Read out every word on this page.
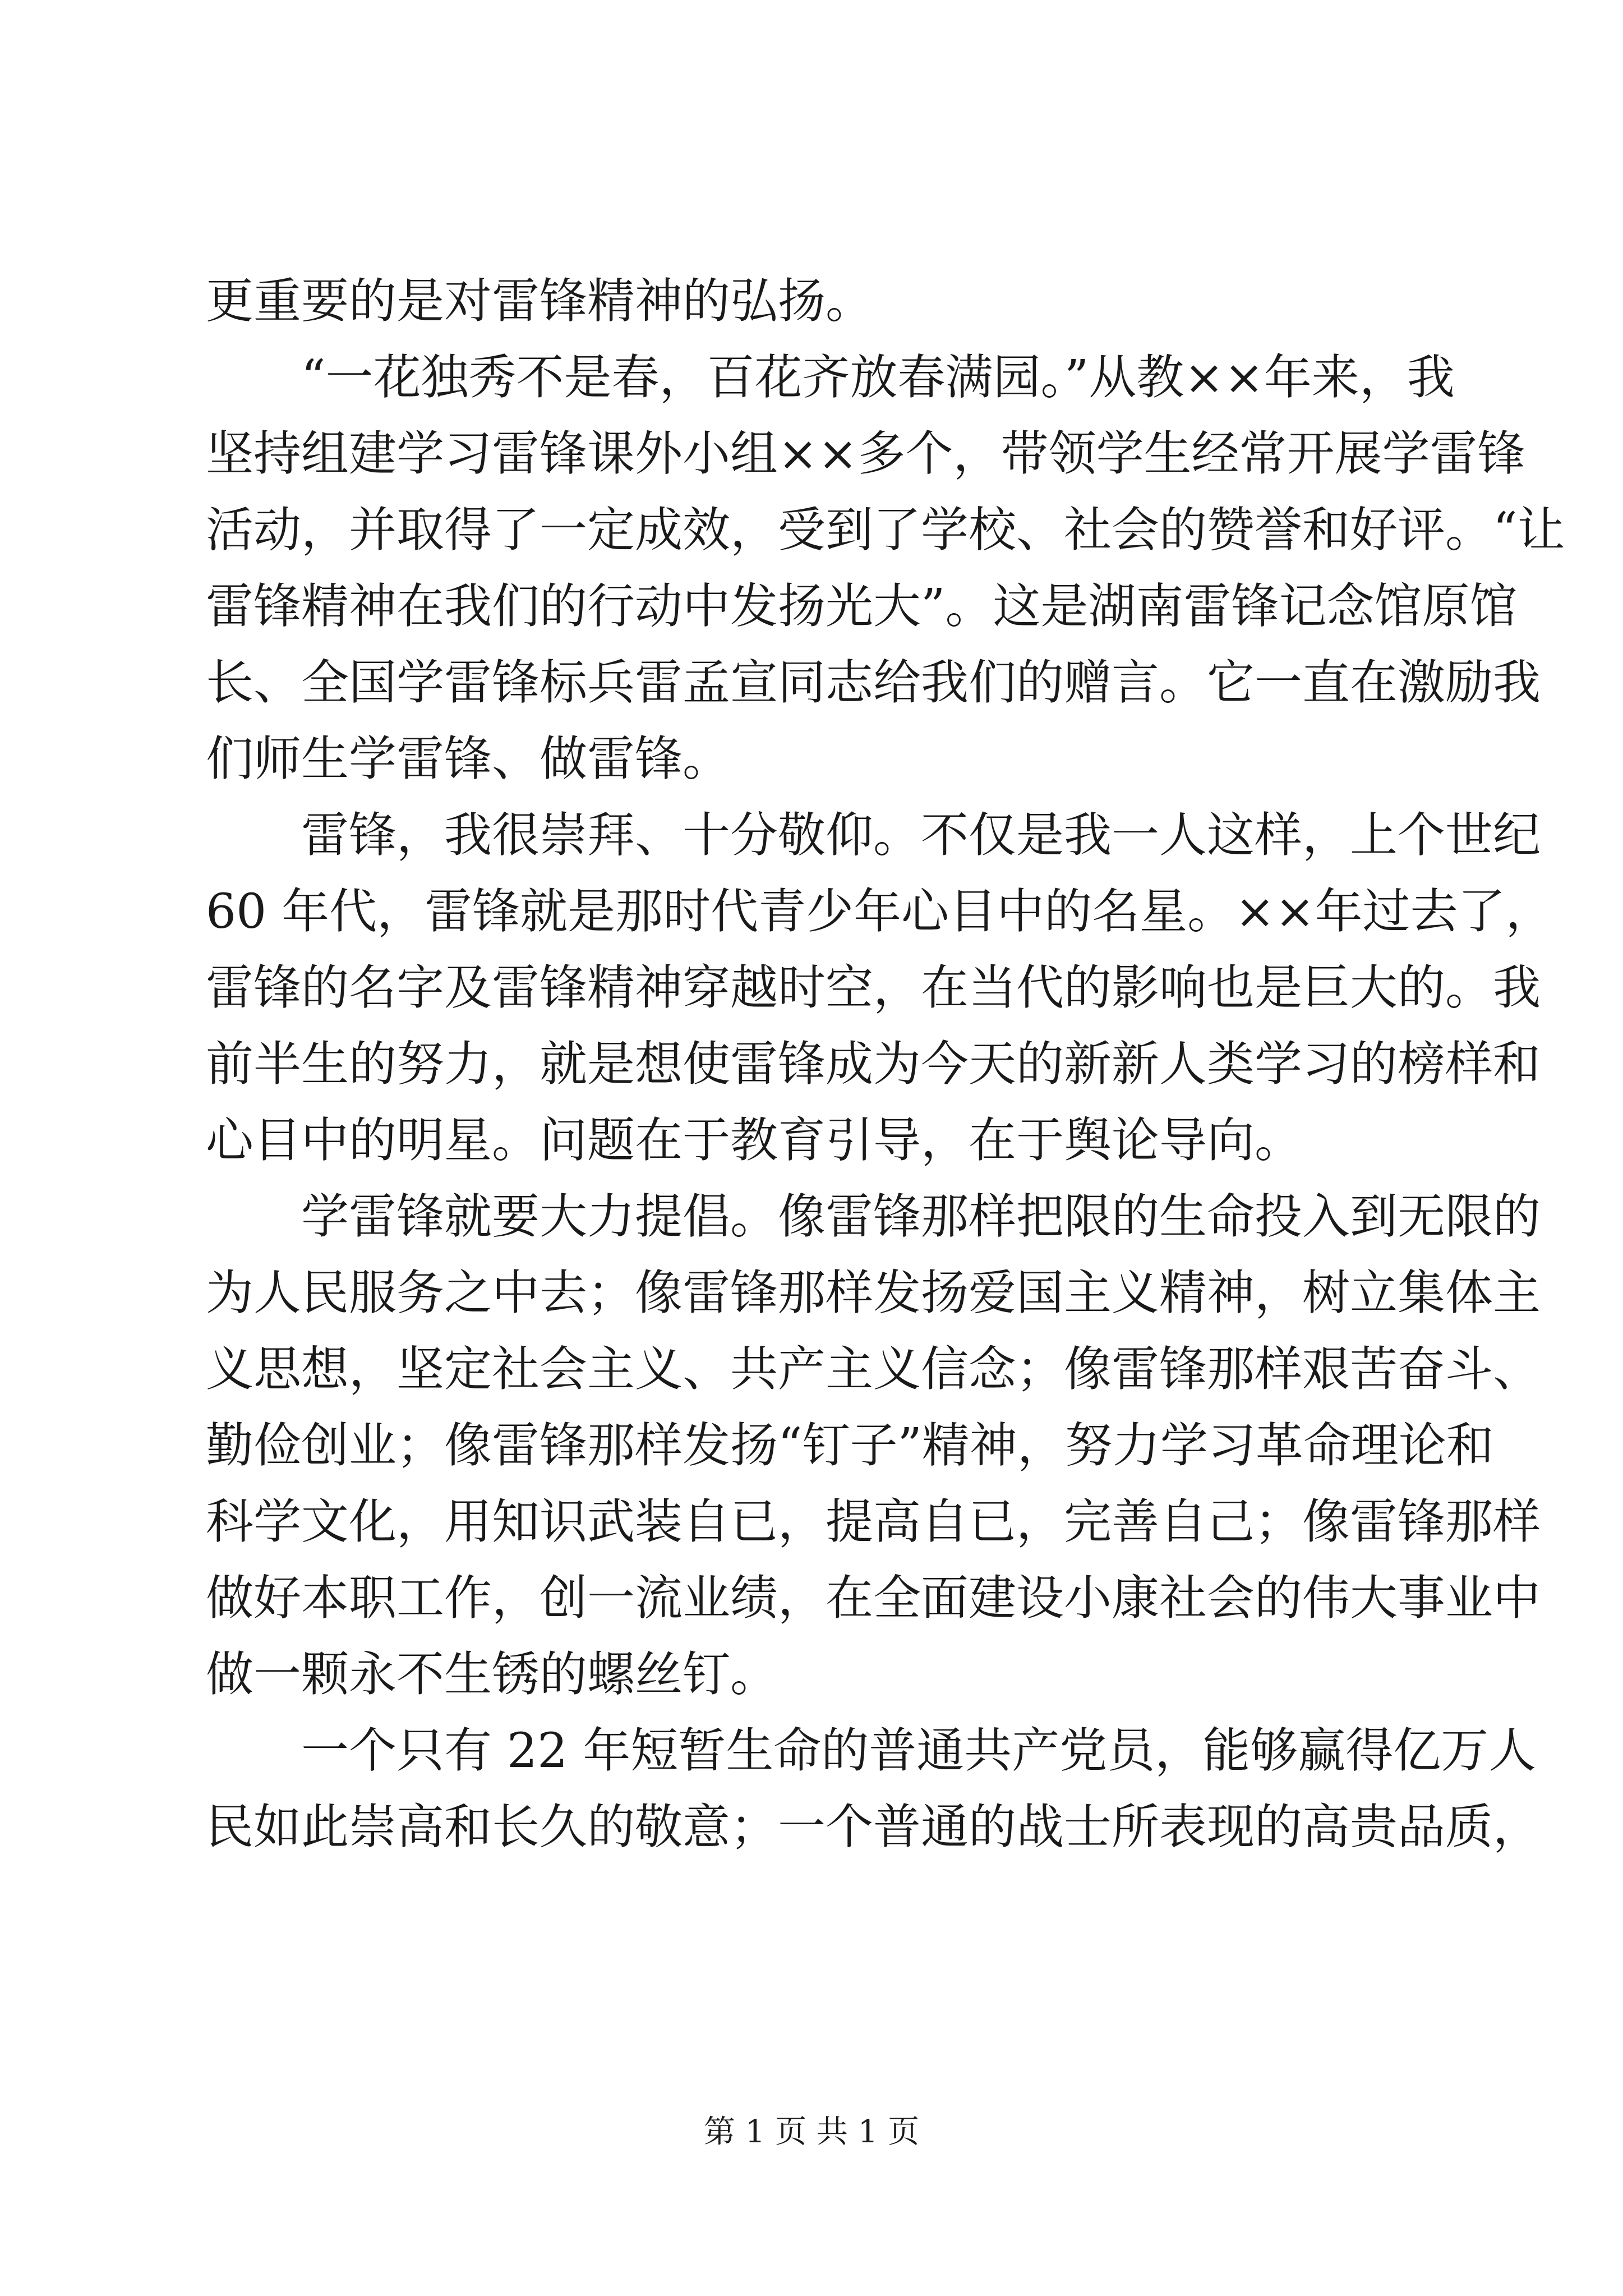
更重要的是对雷锋精神的弘扬。
“一花独秀不是春，百花齐放春满园。”从教××年来，我
坚持组建学习雷锋课外小组××多个，带领学生经常开展学雷锋
活动，并取得了一定成效，受到了学校、社会的赞誉和好评。“让
雷锋精神在我们的行动中发扬光大”。这是湖南雷锋记念馆原馆
长、全国学雷锋标兵雷孟宣同志给我们的赠言。它一直在激励我
们师生学雷锋、做雷锋。
雷锋，我很崇拜、十分敬仰。不仅是我一人这样，上个世纪
60 年代，雷锋就是那时代青少年心目中的名星。××年过去了，
雷锋的名字及雷锋精神穿越时空，在当代的影响也是巨大的。我
前半生的努力，就是想使雷锋成为今天的新新人类学习的榜样和
心目中的明星。问题在于教育引导，在于舆论导向。
学雷锋就要大力提倡。像雷锋那样把限的生命投入到无限的
为人民服务之中去；像雷锋那样发扬爱国主义精神，树立集体主
义思想，坚定社会主义、共产主义信念；像雷锋那样艰苦奋斗、
勤俭创业；像雷锋那样发扬“钉子”精神，努力学习革命理论和
科学文化，用知识武装自已，提高自已，完善自己；像雷锋那样
做好本职工作，创一流业绩，在全面建设小康社会的伟大事业中
做一颗永不生锈的螺丝钉。
一个只有 22 年短暂生命的普通共产党员，能够赢得亿万人
民如此崇高和长久的敬意；一个普通的战士所表现的高贵品质，
第 1 页 共 1 页
